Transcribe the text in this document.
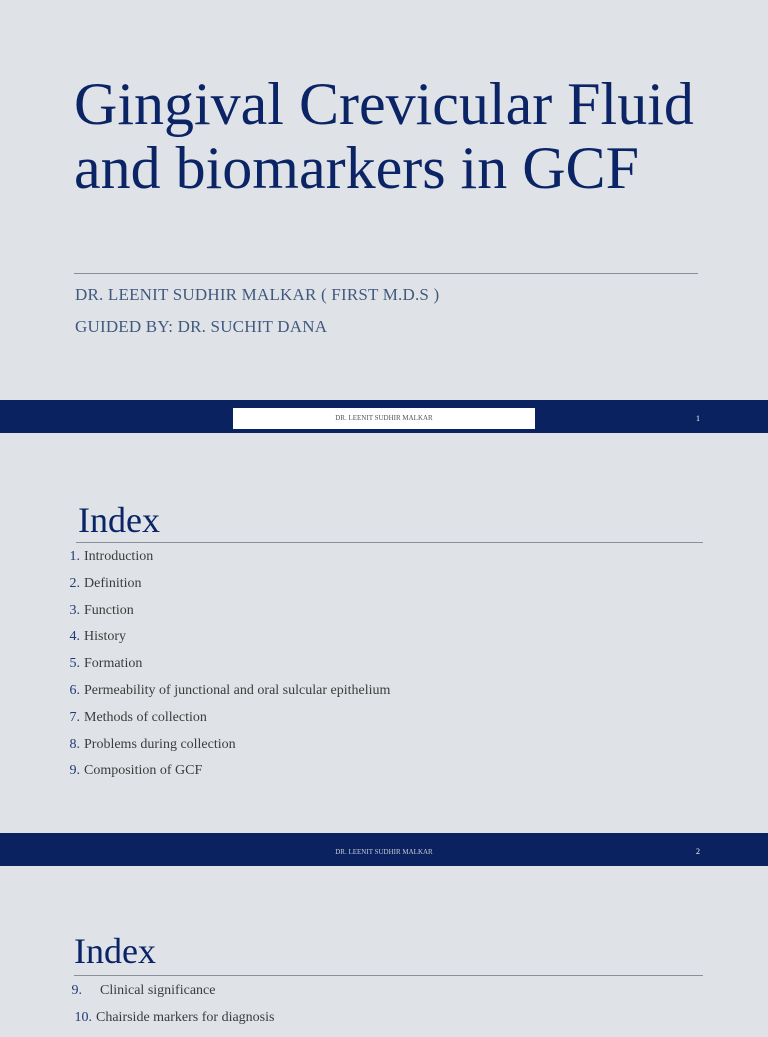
Gingival Crevicular Fluid and biomarkers in GCF
DR. LEENIT SUDHIR MALKAR ( FIRST M.D.S )
GUIDED BY: DR. SUCHIT DANA
DR. LEENIT SUDHIR MALKAR	1
Index
1. Introduction
2. Definition
3. Function
4. History
5. Formation
6. Permeability of junctional and oral sulcular epithelium
7. Methods of collection
8. Problems during collection
9. Composition of GCF
DR. LEENIT SUDHIR MALKAR	2
Index
9. Clinical significance
10. Chairside markers for diagnosis
